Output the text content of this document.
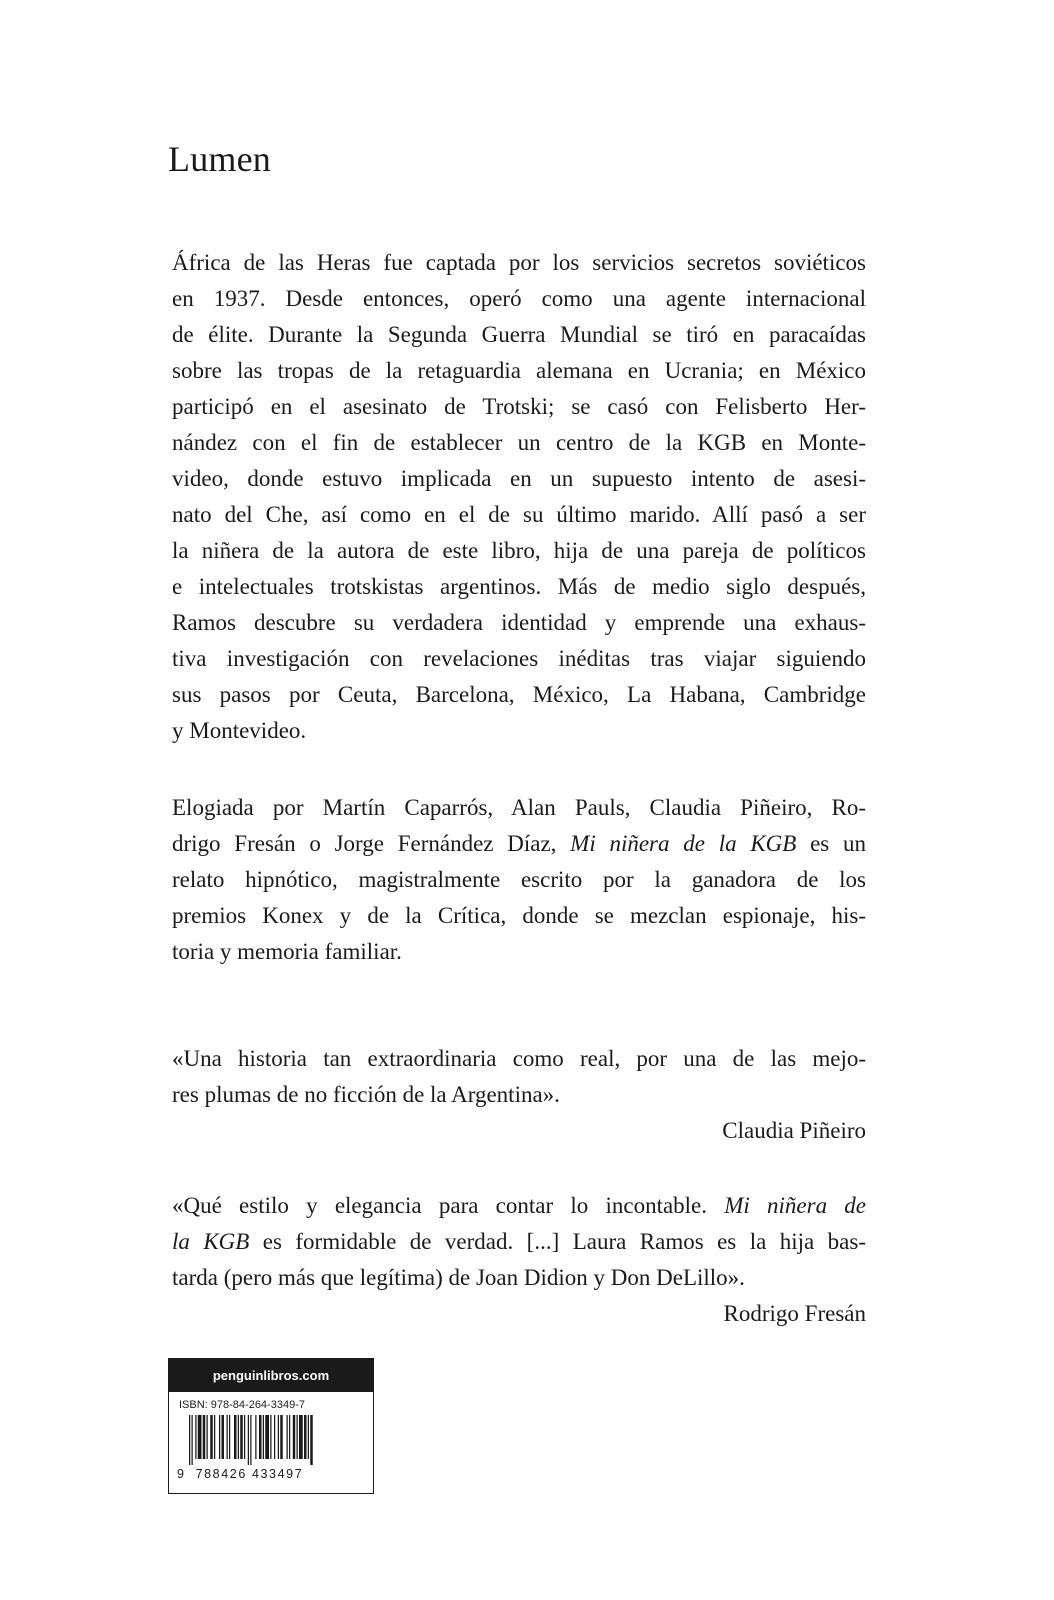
Lumen

África de las Heras fue captada por los servicios secretos soviéticos
en 1937. Desde entonces, operó como una agente internacional
de élite. Durante la Segunda Guerra Mundial se tiró en paracaídas
sobre las tropas de la retaguardia alemana en Ucrania; en México
participó en el asesinato de Trotski; se casó con Felisberto Her-
nández con el fin de establecer un centro de la KGB en Monte-
video, donde estuvo implicada en un supuesto intento de asesi-
nato del Che, así como en el de su último marido. Allí pasó a ser
la niñera de la autora de este libro, hija de una pareja de políticos
e intelectuales trotskistas argentinos. Más de medio siglo después,
Ramos descubre su verdadera identidad y emprende una exhaus-
tiva investigación con revelaciones inéditas tras viajar siguiendo
sus pasos por Ceuta, Barcelona, México, La Habana, Cambridge
y Montevideo.

Elogiada por Martín Caparrós, Alan Pauls, Claudia Piñeiro, Ro-
drigo Fresán o Jorge Fernández Díaz, Mi niñera de la KGB es un
relato hipnótico, magistralmente escrito por la ganadora de los
premios Konex y de la Crítica, donde se mezclan espionaje, his-
toria y memoria familiar.

«Una historia tan extraordinaria como real, por una de las mejo-
res plumas de no ficción de la Argentina».
Claudia Piñeiro

«Qué estilo y elegancia para contar lo incontable. Mi niñera de
la KGB es formidable de verdad. [...] Laura Ramos es la hija bas-
tarda (pero más que legítima) de Joan Didion y Don DeLillo».
Rodrigo Fresán

penguinlibros.com
ISBN: 978-84-264-3349-7
9 788426 433497
